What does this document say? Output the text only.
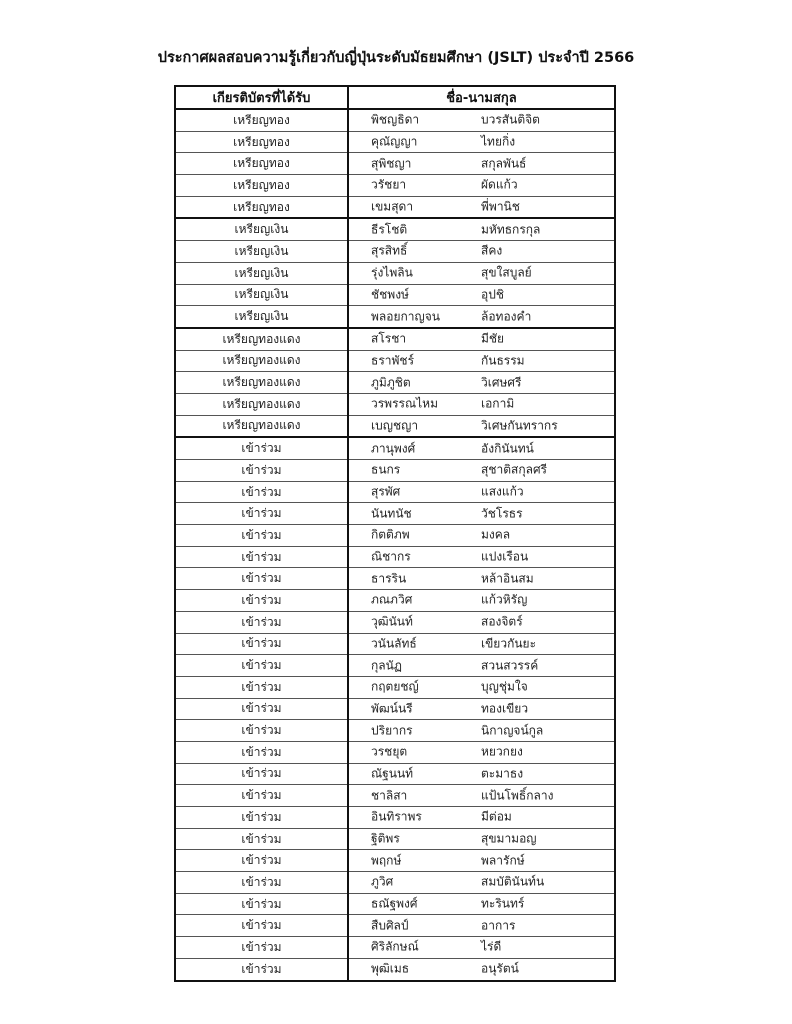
ประกาศผลสอบความรู้เกี่ยวกับญี่ปุ่นระดับมัธยมศึกษา (JSLT) ประจำปี 2566
เกียรติบัตรที่ได้รับ	ชื่อ-นามสกุล
เหรียญทอง	พิชญธิดา บวรสันติจิต

เหรียญทอง	คุณัญญา ไทยกิ่ง

เหรียญทอง	สุพิชญา สกุลพันธ์

เหรียญทอง	วรัชยา ผัดแก้ว

เหรียญทอง	เขมสุดา พี่พานิช

เหรียญเงิน	ธีรโชติ มหัทธกรกุล

เหรียญเงิน	สุรสิทธิ์ สีคง

เหรียญเงิน	รุ่งไพลิน สุขใสบูลย์

เหรียญเงิน	ชัชพงษ์ อุปชิ

เหรียญเงิน	พลอยกาญจน ล้อทองคำ

เหรียญทองแดง	สโรชา มีชัย

เหรียญทองแดง	ธราพัชร์ กันธรรม

เหรียญทองแดง	ภูมิภูชิต วิเศษศรี

เหรียญทองแดง	วรพรรณไหม เอกามิ

เหรียญทองแดง	เบญชญา วิเศษกันทรากร

เข้าร่วม	ภานุพงศ์ อังกินันทน์

เข้าร่วม	ธนกร สุชาติสกุลศรี

เข้าร่วม	สุรพัศ แสงแก้ว

เข้าร่วม	นันทนัช วัชโรธร

เข้าร่วม	กิตติภพ มงคล

เข้าร่วม	ณิชากร แปงเรือน

เข้าร่วม	ธารริน หล้าอินสม

เข้าร่วม	ภณภวิศ แก้วหิรัญ

เข้าร่วม	วุฒินันท์ สองจิตร์

เข้าร่วม	วนันลัทธ์ เขียวกันยะ

เข้าร่วม	กุลนัฏ สวนสวรรค์

เข้าร่วม	กฤตยชญ์ บุญชุ่มใจ

เข้าร่วม	พัฒน์นรี ทองเขียว

เข้าร่วม	ปริยากร นิกาญจน์กูล

เข้าร่วม	วรชยุต หยวกยง

เข้าร่วม	ณัฐนนท์ ตะมาธง

เข้าร่วม	ชาลิสา แป้นโพธิ์กลาง

เข้าร่วม	อินทิราพร มีต่อม

เข้าร่วม	ฐิติพร สุขมามอญ

เข้าร่วม	พฤกษ์ พลารักษ์

เข้าร่วม	ภูวิศ สมบัตินันท์น

เข้าร่วม	ธณัฐพงศ์ ทะรินทร์

เข้าร่วม	สืบศิลป์ อาการ

เข้าร่วม	ศิริลักษณ์ ไร่ดี

เข้าร่วม	พุฒิเมธ อนุรัตน์
